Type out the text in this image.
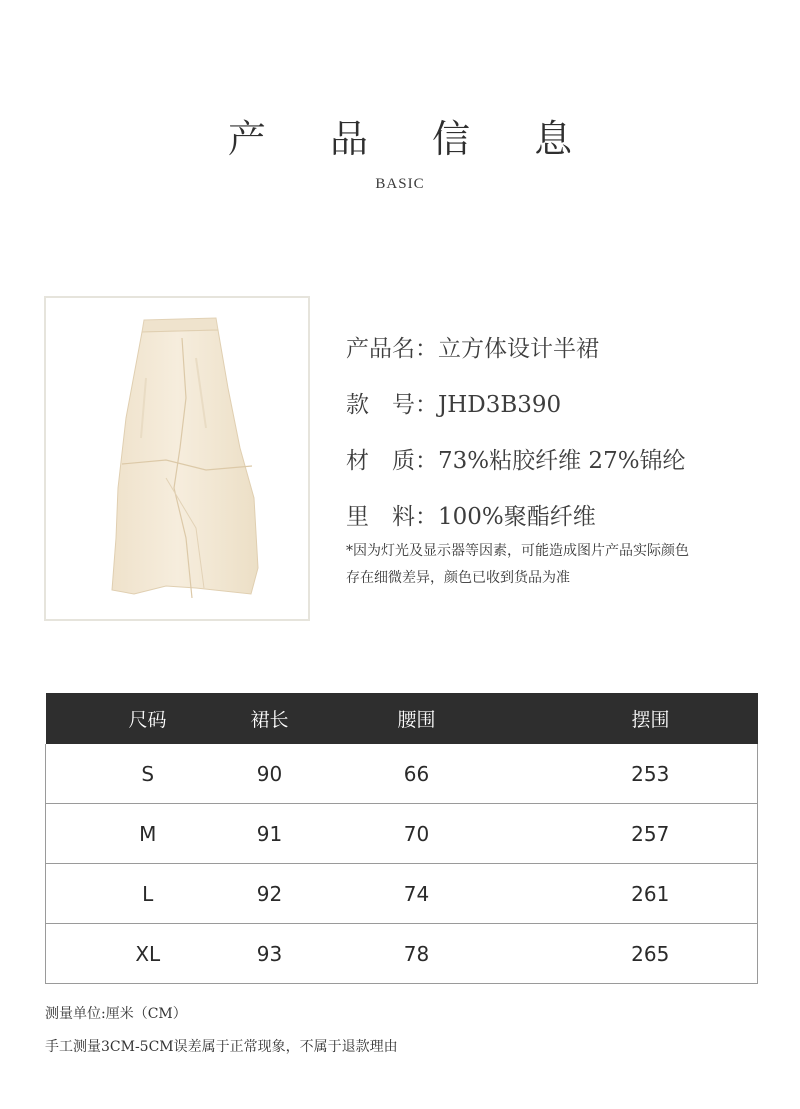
产 品 信 息
BASIC
产品名：立方体设计半裙
款　号：JHD3B390
材　质：73%粘胶纤维 27%锦纶
里　料：100%聚酯纤维
*因为灯光及显示器等因素，可能造成图片产品实际颜色
存在细微差异，颜色已收到货品为准
尺码	裙长	腰围	摆围
S	90	66	253
M	91	70	257
L	92	74	261
XL	93	78	265
测量单位:厘米（CM）
手工测量3CM-5CM误差属于正常现象，不属于退款理由
